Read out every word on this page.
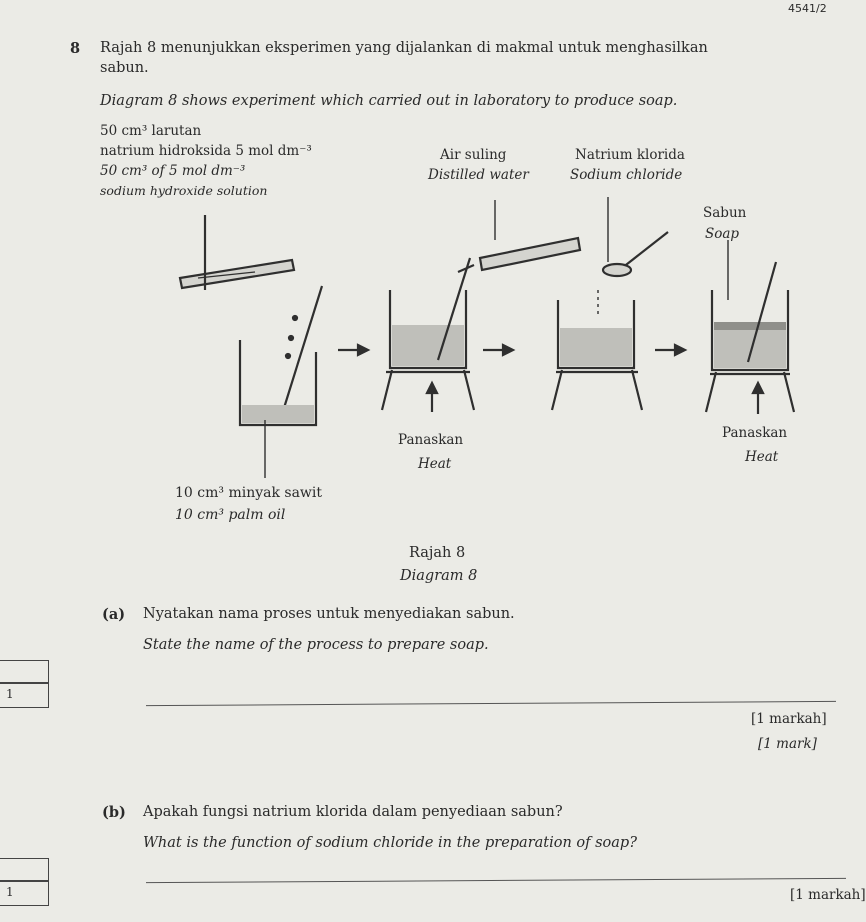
4541/2
8 Rajah 8 menunjukkan eksperimen yang dijalankan di makmal untuk menghasilkan
sabun.
Diagram 8 shows experiment which carried out in laboratory to produce soap.
50 cm³ larutan
natrium hidroksida 5 mol dm⁻³
50 cm³ of 5 mol dm⁻³
sodium hydroxide solution
Air suling
Distilled water
Natrium klorida
Sodium chloride
Sabun
Soap
Panaskan
Heat
Panaskan
Heat
10 cm³ minyak sawit
10 cm³ palm oil
Rajah 8
Diagram 8
(a) Nyatakan nama proses untuk menyediakan sabun.
State the name of the process to prepare soap.
1
[1 markah]
[1 mark]
(b) Apakah fungsi natrium klorida dalam penyediaan sabun?
What is the function of sodium chloride in the preparation of soap?
1	[1 markah]
